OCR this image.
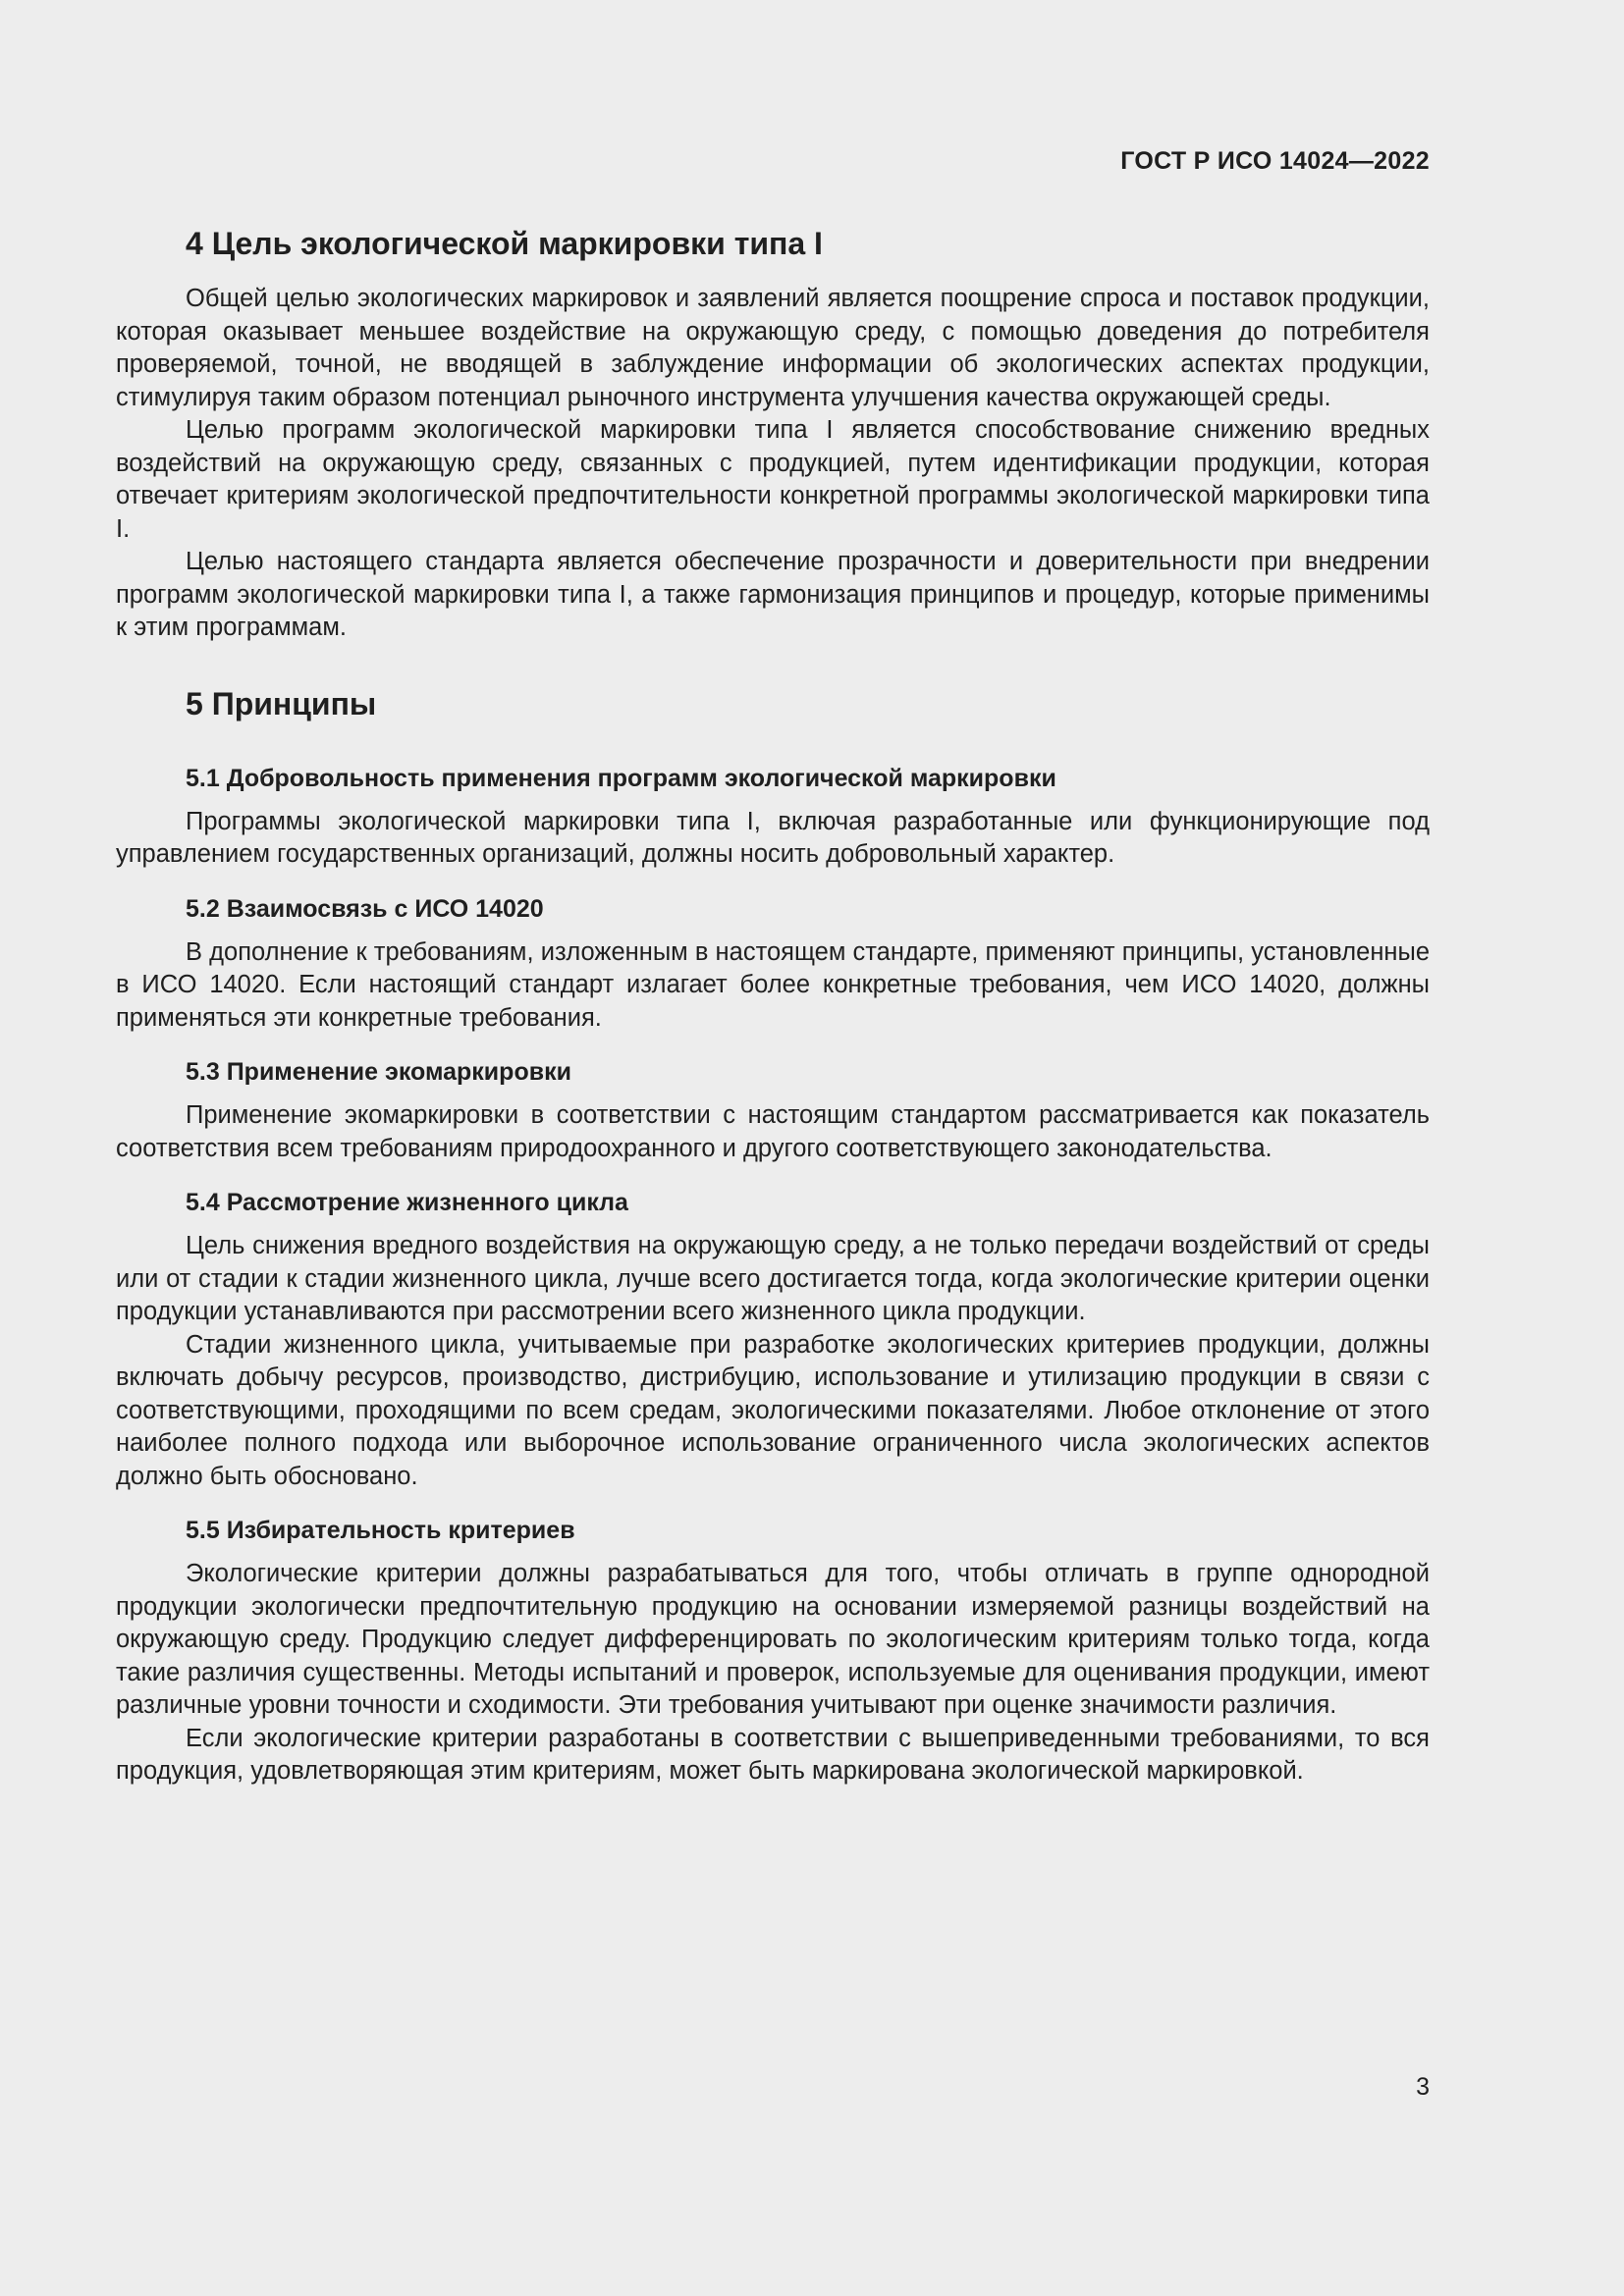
ГОСТ Р ИСО 14024—2022
4 Цель экологической маркировки типа I

Общей целью экологических маркировок и заявлений является поощрение спроса и поставок продукции, которая оказывает меньшее воздействие на окружающую среду, с помощью доведения до потребителя проверяемой, точной, не вводящей в заблуждение информации об экологических аспектах продукции, стимулируя таким образом потенциал рыночного инструмента улучшения качества окружающей среды.

Целью программ экологической маркировки типа I является способствование снижению вредных воздействий на окружающую среду, связанных с продукцией, путем идентификации продукции, которая отвечает критериям экологической предпочтительности конкретной программы экологической маркировки типа I.

Целью настоящего стандарта является обеспечение прозрачности и доверительности при внедрении программ экологической маркировки типа I, а также гармонизация принципов и процедур, которые применимы к этим программам.

5 Принципы
5.1 Добровольность применения программ экологической маркировки

Программы экологической маркировки типа I, включая разработанные или функционирующие под управлением государственных организаций, должны носить добровольный характер.

5.2 Взаимосвязь с ИСО 14020

В дополнение к требованиям, изложенным в настоящем стандарте, применяют принципы, установленные в ИСО 14020. Если настоящий стандарт излагает более конкретные требования, чем ИСО 14020, должны применяться эти конкретные требования.

5.3 Применение экомаркировки

Применение экомаркировки в соответствии с настоящим стандартом рассматривается как показатель соответствия всем требованиям природоохранного и другого соответствующего законодательства.

5.4 Рассмотрение жизненного цикла

Цель снижения вредного воздействия на окружающую среду, а не только передачи воздействий от среды или от стадии к стадии жизненного цикла, лучше всего достигается тогда, когда экологические критерии оценки продукции устанавливаются при рассмотрении всего жизненного цикла продукции.

Стадии жизненного цикла, учитываемые при разработке экологических критериев продукции, должны включать добычу ресурсов, производство, дистрибуцию, использование и утилизацию продукции в связи с соответствующими, проходящими по всем средам, экологическими показателями. Любое отклонение от этого наиболее полного подхода или выборочное использование ограниченного числа экологических аспектов должно быть обосновано.

5.5 Избирательность критериев

Экологические критерии должны разрабатываться для того, чтобы отличать в группе однородной продукции экологически предпочтительную продукцию на основании измеряемой разницы воздействий на окружающую среду. Продукцию следует дифференцировать по экологическим критериям только тогда, когда такие различия существенны. Методы испытаний и проверок, используемые для оценивания продукции, имеют различные уровни точности и сходимости. Эти требования учитывают при оценке значимости различия.

Если экологические критерии разработаны в соответствии с вышеприведенными требованиями, то вся продукция, удовлетворяющая этим критериям, может быть маркирована экологической маркировкой.

3
